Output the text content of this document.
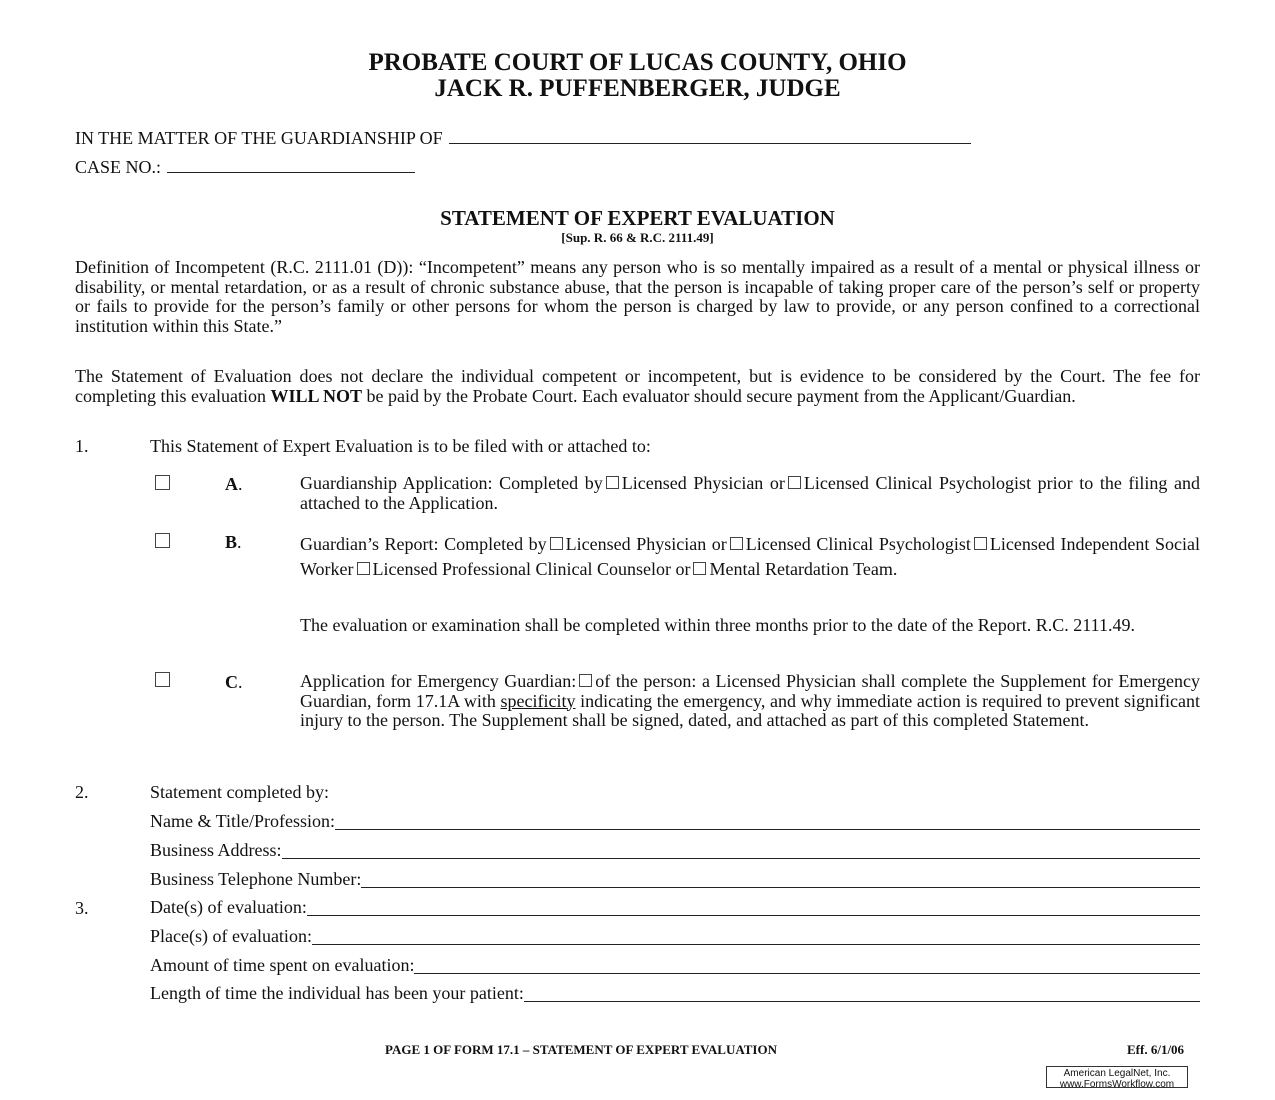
PROBATE COURT OF LUCAS COUNTY, OHIO
JACK R. PUFFENBERGER, JUDGE
IN THE MATTER OF THE GUARDIANSHIP OF
CASE NO.:
STATEMENT OF EXPERT EVALUATION
[Sup. R. 66 & R.C. 2111.49]
Definition of Incompetent (R.C. 2111.01 (D)): “Incompetent” means any person who is so mentally impaired as a result of a mental or physical illness or disability, or mental retardation, or as a result of chronic substance abuse, that the person is incapable of taking proper care of the person’s self or property or fails to provide for the person’s family or other persons for whom the person is charged by law to provide, or any person confined to a correctional institution within this State.”
The Statement of Evaluation does not declare the individual competent or incompetent, but is evidence to be considered by the Court. The fee for completing this evaluation WILL NOT be paid by the Probate Court. Each evaluator should secure payment from the Applicant/Guardian.
1.	This Statement of Expert Evaluation is to be filed with or attached to:
A.	Guardianship Application: Completed by Licensed Physician or Licensed Clinical Psychologist prior to the filing and attached to the Application.
B.	Guardian’s Report: Completed by Licensed Physician or Licensed Clinical Psychologist Licensed Independent Social Worker Licensed Professional Clinical Counselor or Mental Retardation Team.
The evaluation or examination shall be completed within three months prior to the date of the Report. R.C. 2111.49.
C.	Application for Emergency Guardian: of the person: a Licensed Physician shall complete the Supplement for Emergency Guardian, form 17.1A with specificity indicating the emergency, and why immediate action is required to prevent significant injury to the person. The Supplement shall be signed, dated, and attached as part of this completed Statement.
2.	Statement completed by:
Name & Title/Profession:
Business Address:
Business Telephone Number:
3.	Date(s) of evaluation:
Place(s) of evaluation:
Amount of time spent on evaluation:
Length of time the individual has been your patient:
PAGE 1 OF FORM 17.1 – STATEMENT OF EXPERT EVALUATION	Eff. 6/1/06
American LegalNet, Inc.
www.FormsWorkflow.com
